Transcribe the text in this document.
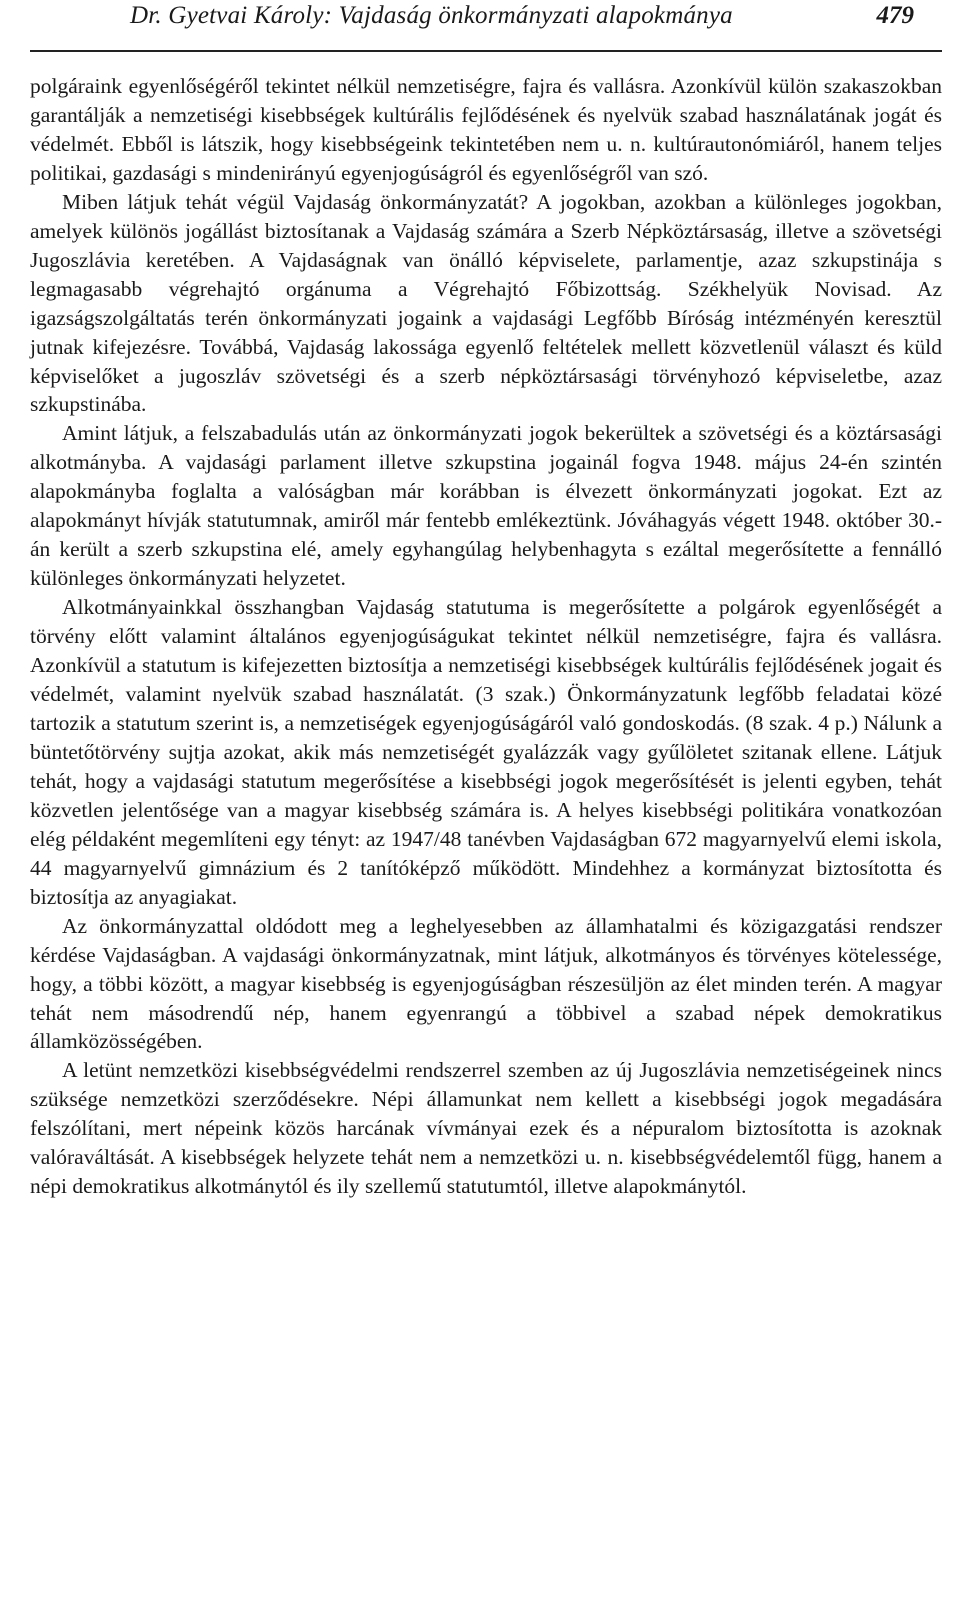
Dr. Gyetvai Károly: Vajdaság önkormányzati alapokmánya	479

polgáraink egyenlőségéről tekintet nélkül nemzetiségre, fajra és vallásra. Azonkívül külön szakaszokban garantálják a nemzetiségi kisebbségek kultúrális fejlődésének és nyelvük szabad használatának jogát és védelmét. Ebből is látszik, hogy kisebbségeink tekintetében nem u. n. kultúrautonómiáról, hanem teljes politikai, gazdasági s mindenirányú egyenjogúságról és egyenlőségről van szó.

Miben látjuk tehát végül Vajdaság önkormányzatát? A jogokban, azokban a különleges jogokban, amelyek különös jogállást biztosítanak a Vajdaság számára a Szerb Népköztársaság, illetve a szövetségi Jugoszlávia keretében. A Vajdaságnak van önálló képviselete, parlamentje, azaz szkupstinája s legmagasabb végrehajtó orgánuma a Végrehajtó Főbizottság. Székhelyük Novisad. Az igazságszolgáltatás terén önkormányzati jogaink a vajdasági Legfőbb Bíróság intézményén keresztül jutnak kifejezésre. Továbbá, Vajdaság lakossága egyenlő feltételek mellett közvetlenül választ és küld képviselőket a jugoszláv szövetségi és a szerb népköztársasági törvényhozó képviseletbe, azaz szkupstinába.

Amint látjuk, a felszabadulás után az önkormányzati jogok bekerültek a szövetségi és a köztársasági alkotmányba. A vajdasági parlament illetve szkupstina jogainál fogva 1948. május 24-én szintén alapokmányba foglalta a valóságban már korábban is élvezett önkormányzati jogokat. Ezt az alapokmányt hívják statutumnak, amiről már fentebb emlékeztünk. Jóváhagyás végett 1948. október 30.-án került a szerb szkupstina elé, amely egyhangúlag helybenhagyta s ezáltal megerősítette a fennálló különleges önkormányzati helyzetet.

Alkotmányainkkal összhangban Vajdaság statutuma is megerősítette a polgárok egyenlőségét a törvény előtt valamint általános egyenjogúságukat tekintet nélkül nemzetiségre, fajra és vallásra. Azonkívül a statutum is kifejezetten biztosítja a nemzetiségi kisebbségek kultúrális fejlődésének jogait és védelmét, valamint nyelvük szabad használatát. (3 szak.) Önkormányzatunk legfőbb feladatai közé tartozik a statutum szerint is, a nemzetiségek egyenjogúságáról való gondoskodás. (8 szak. 4 p.) Nálunk a büntetőtörvény sujtja azokat, akik más nemzetiségét gyalázzák vagy gyűlöletet szitanak ellene. Látjuk tehát, hogy a vajdasági statutum megerősítése a kisebbségi jogok megerősítését is jelenti egyben, tehát közvetlen jelentősége van a magyar kisebbség számára is. A helyes kisebbségi politikára vonatkozóan elég példaként megemlíteni egy tényt: az 1947/48 tanévben Vajdaságban 672 magyarnyelvű elemi iskola, 44 magyarnyelvű gimnázium és 2 tanítóképző működött. Mindehhez a kormányzat biztosította és biztosítja az anyagiakat.

Az önkormányzattal oldódott meg a leghelyesebben az államhatalmi és közigazgatási rendszer kérdése Vajdaságban. A vajdasági önkormányzatnak, mint látjuk, alkotmányos és törvényes kötelessége, hogy, a többi között, a magyar kisebbség is egyenjogúságban részesüljön az élet minden terén. A magyar tehát nem másodrendű nép, hanem egyenrangú a többivel a szabad népek demokratikus államközösségében.

A letünt nemzetközi kisebbségvédelmi rendszerrel szemben az új Jugoszlávia nemzetiségeinek nincs szüksége nemzetközi szerződésekre. Népi államunkat nem kellett a kisebbségi jogok megadására felszólítani, mert népeink közös harcának vívmányai ezek és a népuralom biztosította is azoknak valóraváltását. A kisebbségek helyzete tehát nem a nemzetközi u. n. kisebbségvédelemtől függ, hanem a népi demokratikus alkotmánytól és ily szellemű statutumtól, illetve alapokmánytól.
